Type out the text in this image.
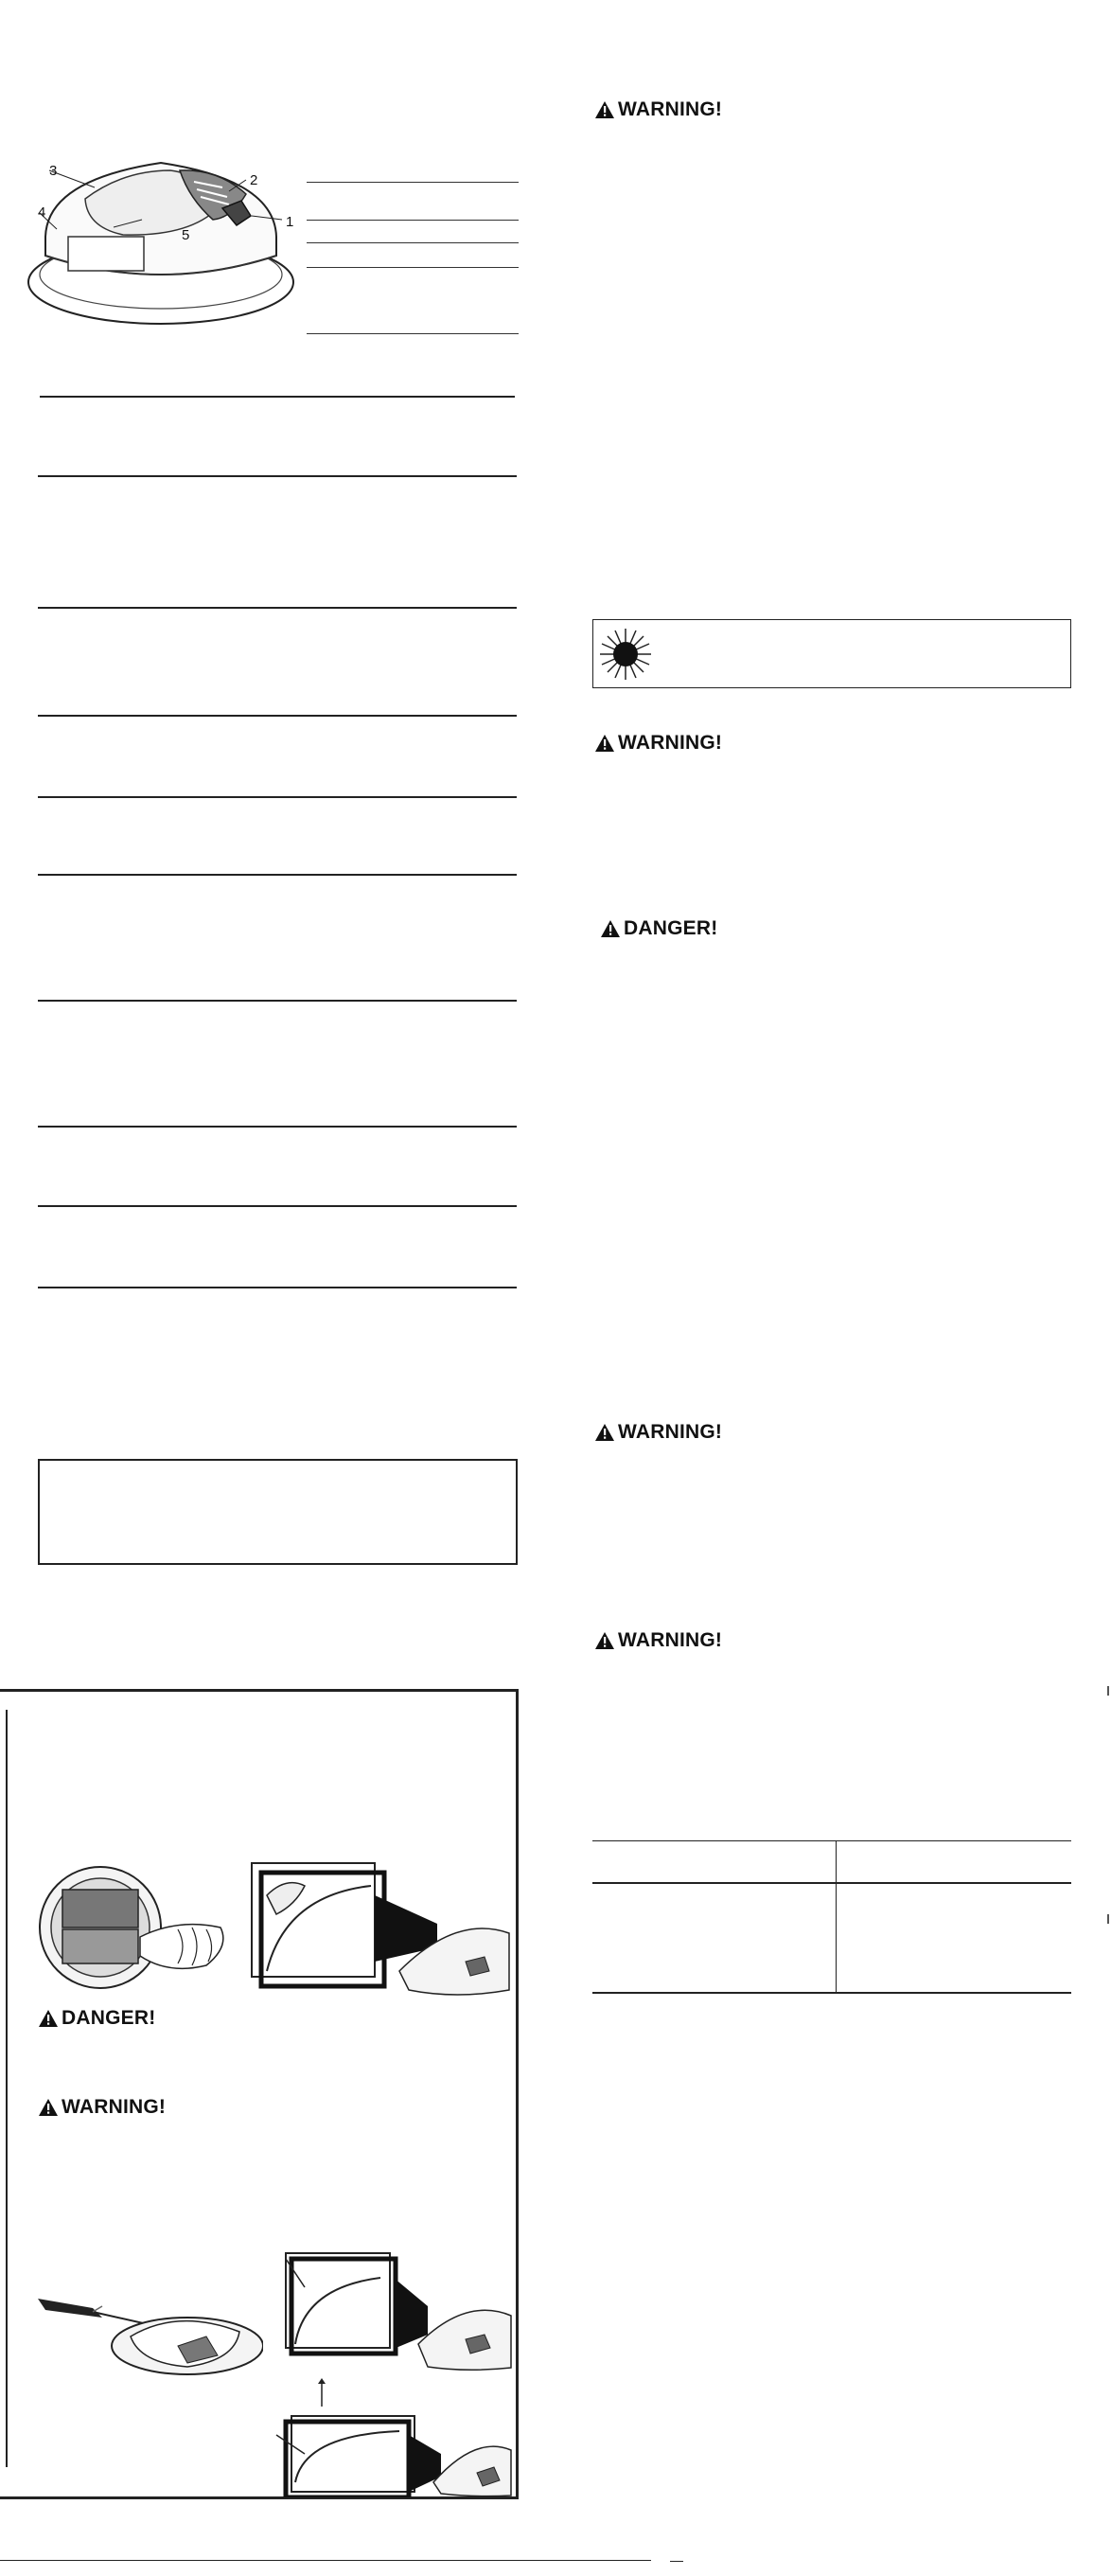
3
4
2
1
5
DANGER!
WARNING!
WARNING!
WARNING!
DANGER!
WARNING!
WARNING!
—
